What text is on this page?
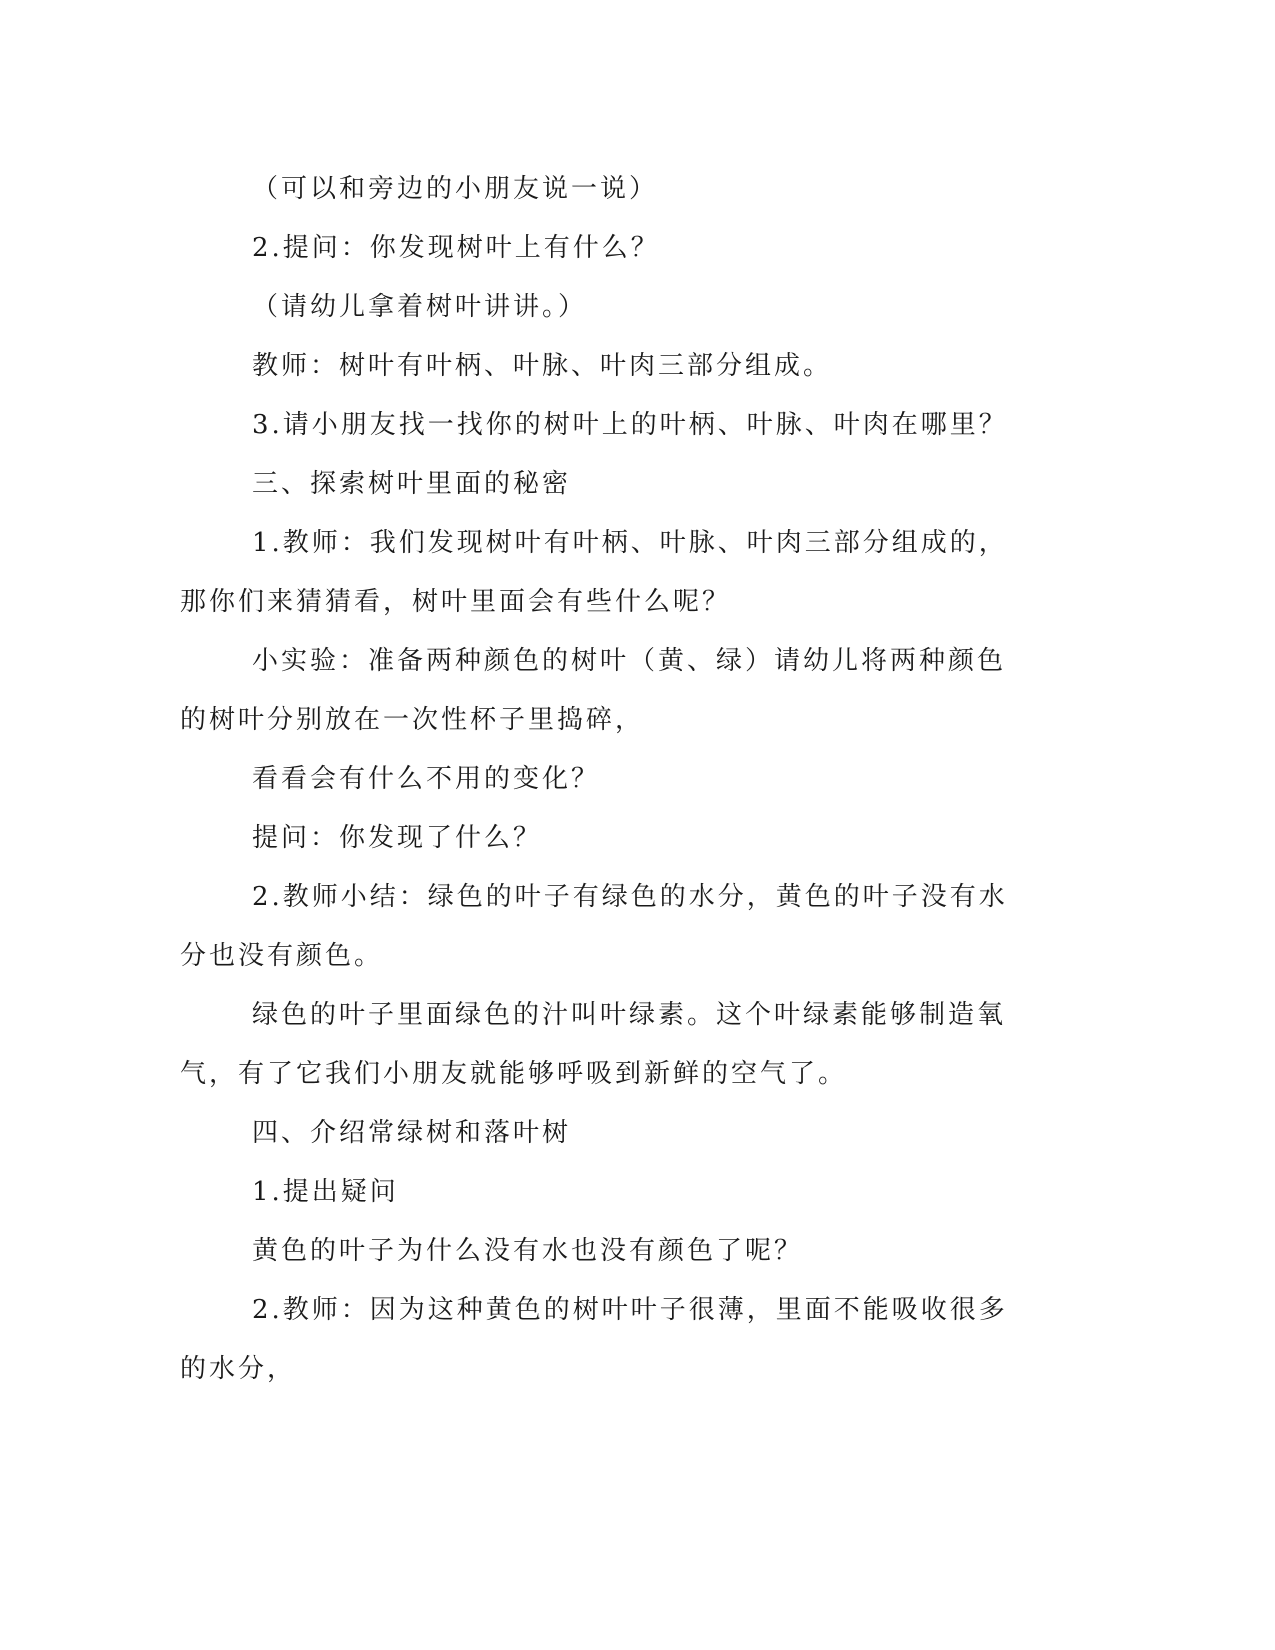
（可以和旁边的小朋友说一说）

2.提问：你发现树叶上有什么？

（请幼儿拿着树叶讲讲。）

教师：树叶有叶柄、叶脉、叶肉三部分组成。

3.请小朋友找一找你的树叶上的叶柄、叶脉、叶肉在哪里？

三、探索树叶里面的秘密

1.教师：我们发现树叶有叶柄、叶脉、叶肉三部分组成的，那你们来猜猜看，树叶里面会有些什么呢？

小实验：准备两种颜色的树叶（黄、绿）请幼儿将两种颜色的树叶分别放在一次性杯子里捣碎，

看看会有什么不用的变化？

提问：你发现了什么？

2.教师小结：绿色的叶子有绿色的水分，黄色的叶子没有水分也没有颜色。

绿色的叶子里面绿色的汁叫叶绿素。这个叶绿素能够制造氧气，有了它我们小朋友就能够呼吸到新鲜的空气了。

四、介绍常绿树和落叶树

1.提出疑问

黄色的叶子为什么没有水也没有颜色了呢？

2.教师：因为这种黄色的树叶叶子很薄，里面不能吸收很多的水分，
